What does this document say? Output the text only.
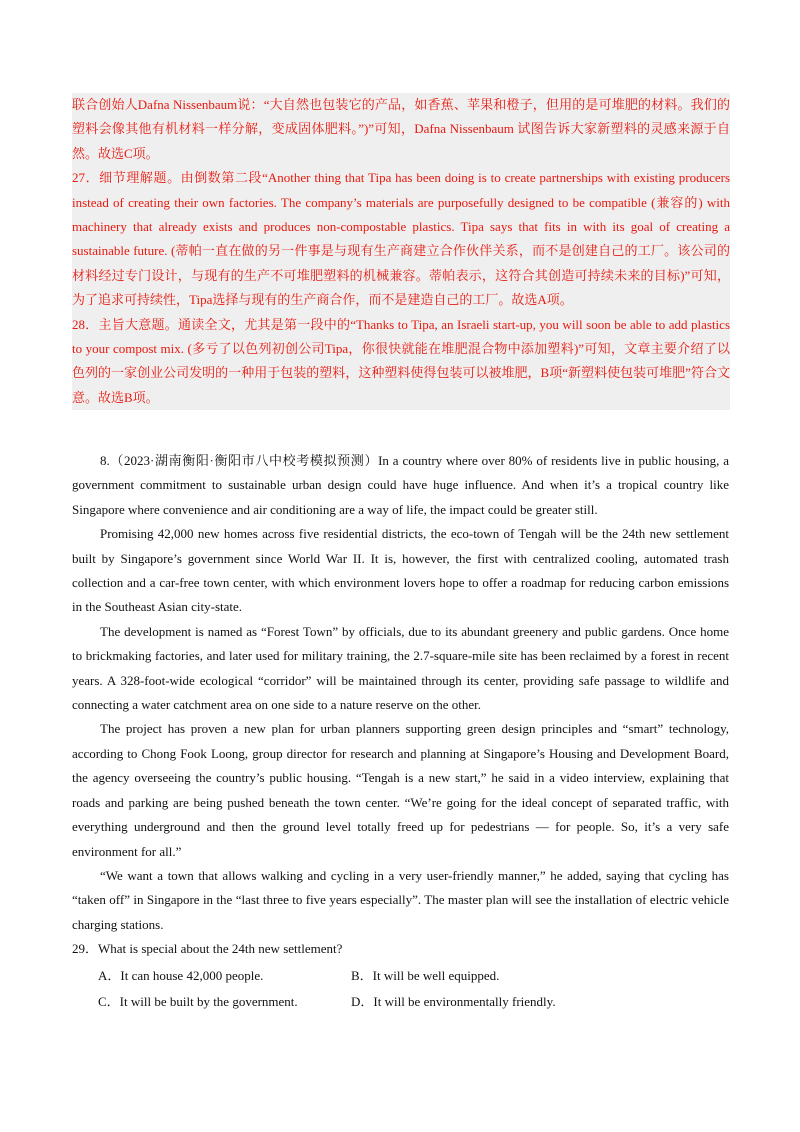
联合创始人Dafna Nissenbaum说：“大自然也包装它的产品，如香蕉、苹果和橙子，但用的是可堆肥的材料。我们的塑料会像其他有机材料一样分解，变成固体肥料。”)”可知，Dafna Nissenbaum 试图告诉大家新塑料的灵感来源于自然。故选C项。

27．细节理解题。由倒数第二段“Another thing that Tipa has been doing is to create partnerships with existing producers instead of creating their own factories. The company’s materials are purposefully designed to be compatible (兼容的) with machinery that already exists and produces non-compostable plastics. Tipa says that fits in with its goal of creating a sustainable future. (蒂帕一直在做的另一件事是与现有生产商建立合作伙伴关系，而不是创建自己的工厂。该公司的材料经过专门设计，与现有的生产不可堆肥塑料的机械兼容。蒂帕表示，这符合其创造可持续未来的目标)”可知，为了追求可持续性，Tipa选择与现有的生产商合作，而不是建造自己的工厂。故选A项。

28．主旨大意题。通读全文，尤其是第一段中的“Thanks to Tipa, an Israeli start-up, you will soon be able to add plastics to your compost mix. (多亏了以色列初创公司Tipa，你很快就能在堆肥混合物中添加塑料)”可知，文章主要介绍了以色列的一家创业公司发明的一种用于包装的塑料，这种塑料使得包装可以被堆肥，B项“新塑料使包装可堆肥”符合文意。故选B项。

8.（2023·湖南衡阳·衡阳市八中校考模拟预测）In a country where over 80% of residents live in public housing, a government commitment to sustainable urban design could have huge influence. And when it’s a tropical country like Singapore where convenience and air conditioning are a way of life, the impact could be greater still.

Promising 42,000 new homes across five residential districts, the eco-town of Tengah will be the 24th new settlement built by Singapore’s government since World War II. It is, however, the first with centralized cooling, automated trash collection and a car-free town center, with which environment lovers hope to offer a roadmap for reducing carbon emissions in the Southeast Asian city-state.

The development is named as “Forest Town” by officials, due to its abundant greenery and public gardens. Once home to brickmaking factories, and later used for military training, the 2.7-square-mile site has been reclaimed by a forest in recent years. A 328-foot-wide ecological “corridor” will be maintained through its center, providing safe passage to wildlife and connecting a water catchment area on one side to a nature reserve on the other.

The project has proven a new plan for urban planners supporting green design principles and “smart” technology, according to Chong Fook Loong, group director for research and planning at Singapore’s Housing and Development Board, the agency overseeing the country’s public housing. “Tengah is a new start,” he said in a video interview, explaining that roads and parking are being pushed beneath the town center. “We’re going for the ideal concept of separated traffic, with everything underground and then the ground level totally freed up for pedestrians — for people. So, it’s a very safe environment for all.”

“We want a town that allows walking and cycling in a very user-friendly manner,” he added, saying that cycling has “taken off” in Singapore in the “last three to five years especially”. The master plan will see the installation of electric vehicle charging stations.

29．What is special about the 24th new settlement?

A．It can house 42,000 people.	B．It will be well equipped.
C．It will be built by the government.	D．It will be environmentally friendly.
